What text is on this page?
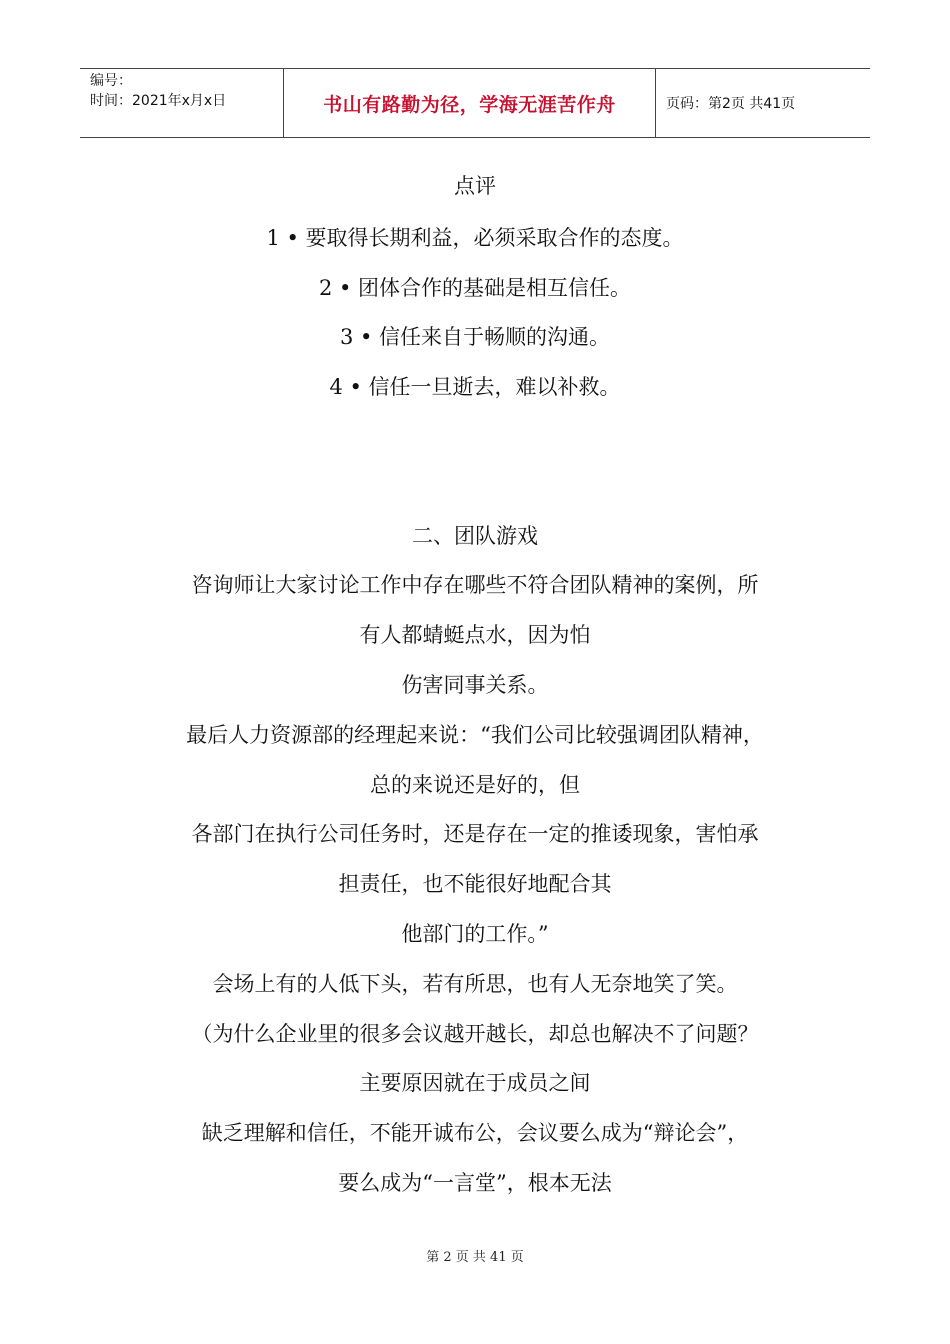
编号：
时间：2021年x月x日	书山有路勤为径，学海无涯苦作舟	页码：第2页 共41页
点评
1 • 要取得长期利益，必须采取合作的态度。
2 • 团体合作的基础是相互信任。
3 • 信任来自于畅顺的沟通。
4 • 信任一旦逝去，难以补救。
二、团队游戏
咨询师让大家讨论工作中存在哪些不符合团队精神的案例，所
有人都蜻蜓点水，因为怕
伤害同事关系。
最后人力资源部的经理起来说：“我们公司比较强调团队精神，
总的来说还是好的，但
各部门在执行公司任务时，还是存在一定的推诿现象，害怕承
担责任，也不能很好地配合其
他部门的工作。”
会场上有的人低下头，若有所思，也有人无奈地笑了笑。
（为什么企业里的很多会议越开越长，却总也解决不了问题？
主要原因就在于成员之间
缺乏理解和信任，不能开诚布公，会议要么成为“辩论会”，
要么成为“一言堂”，根本无法
第 2 页 共 41 页
